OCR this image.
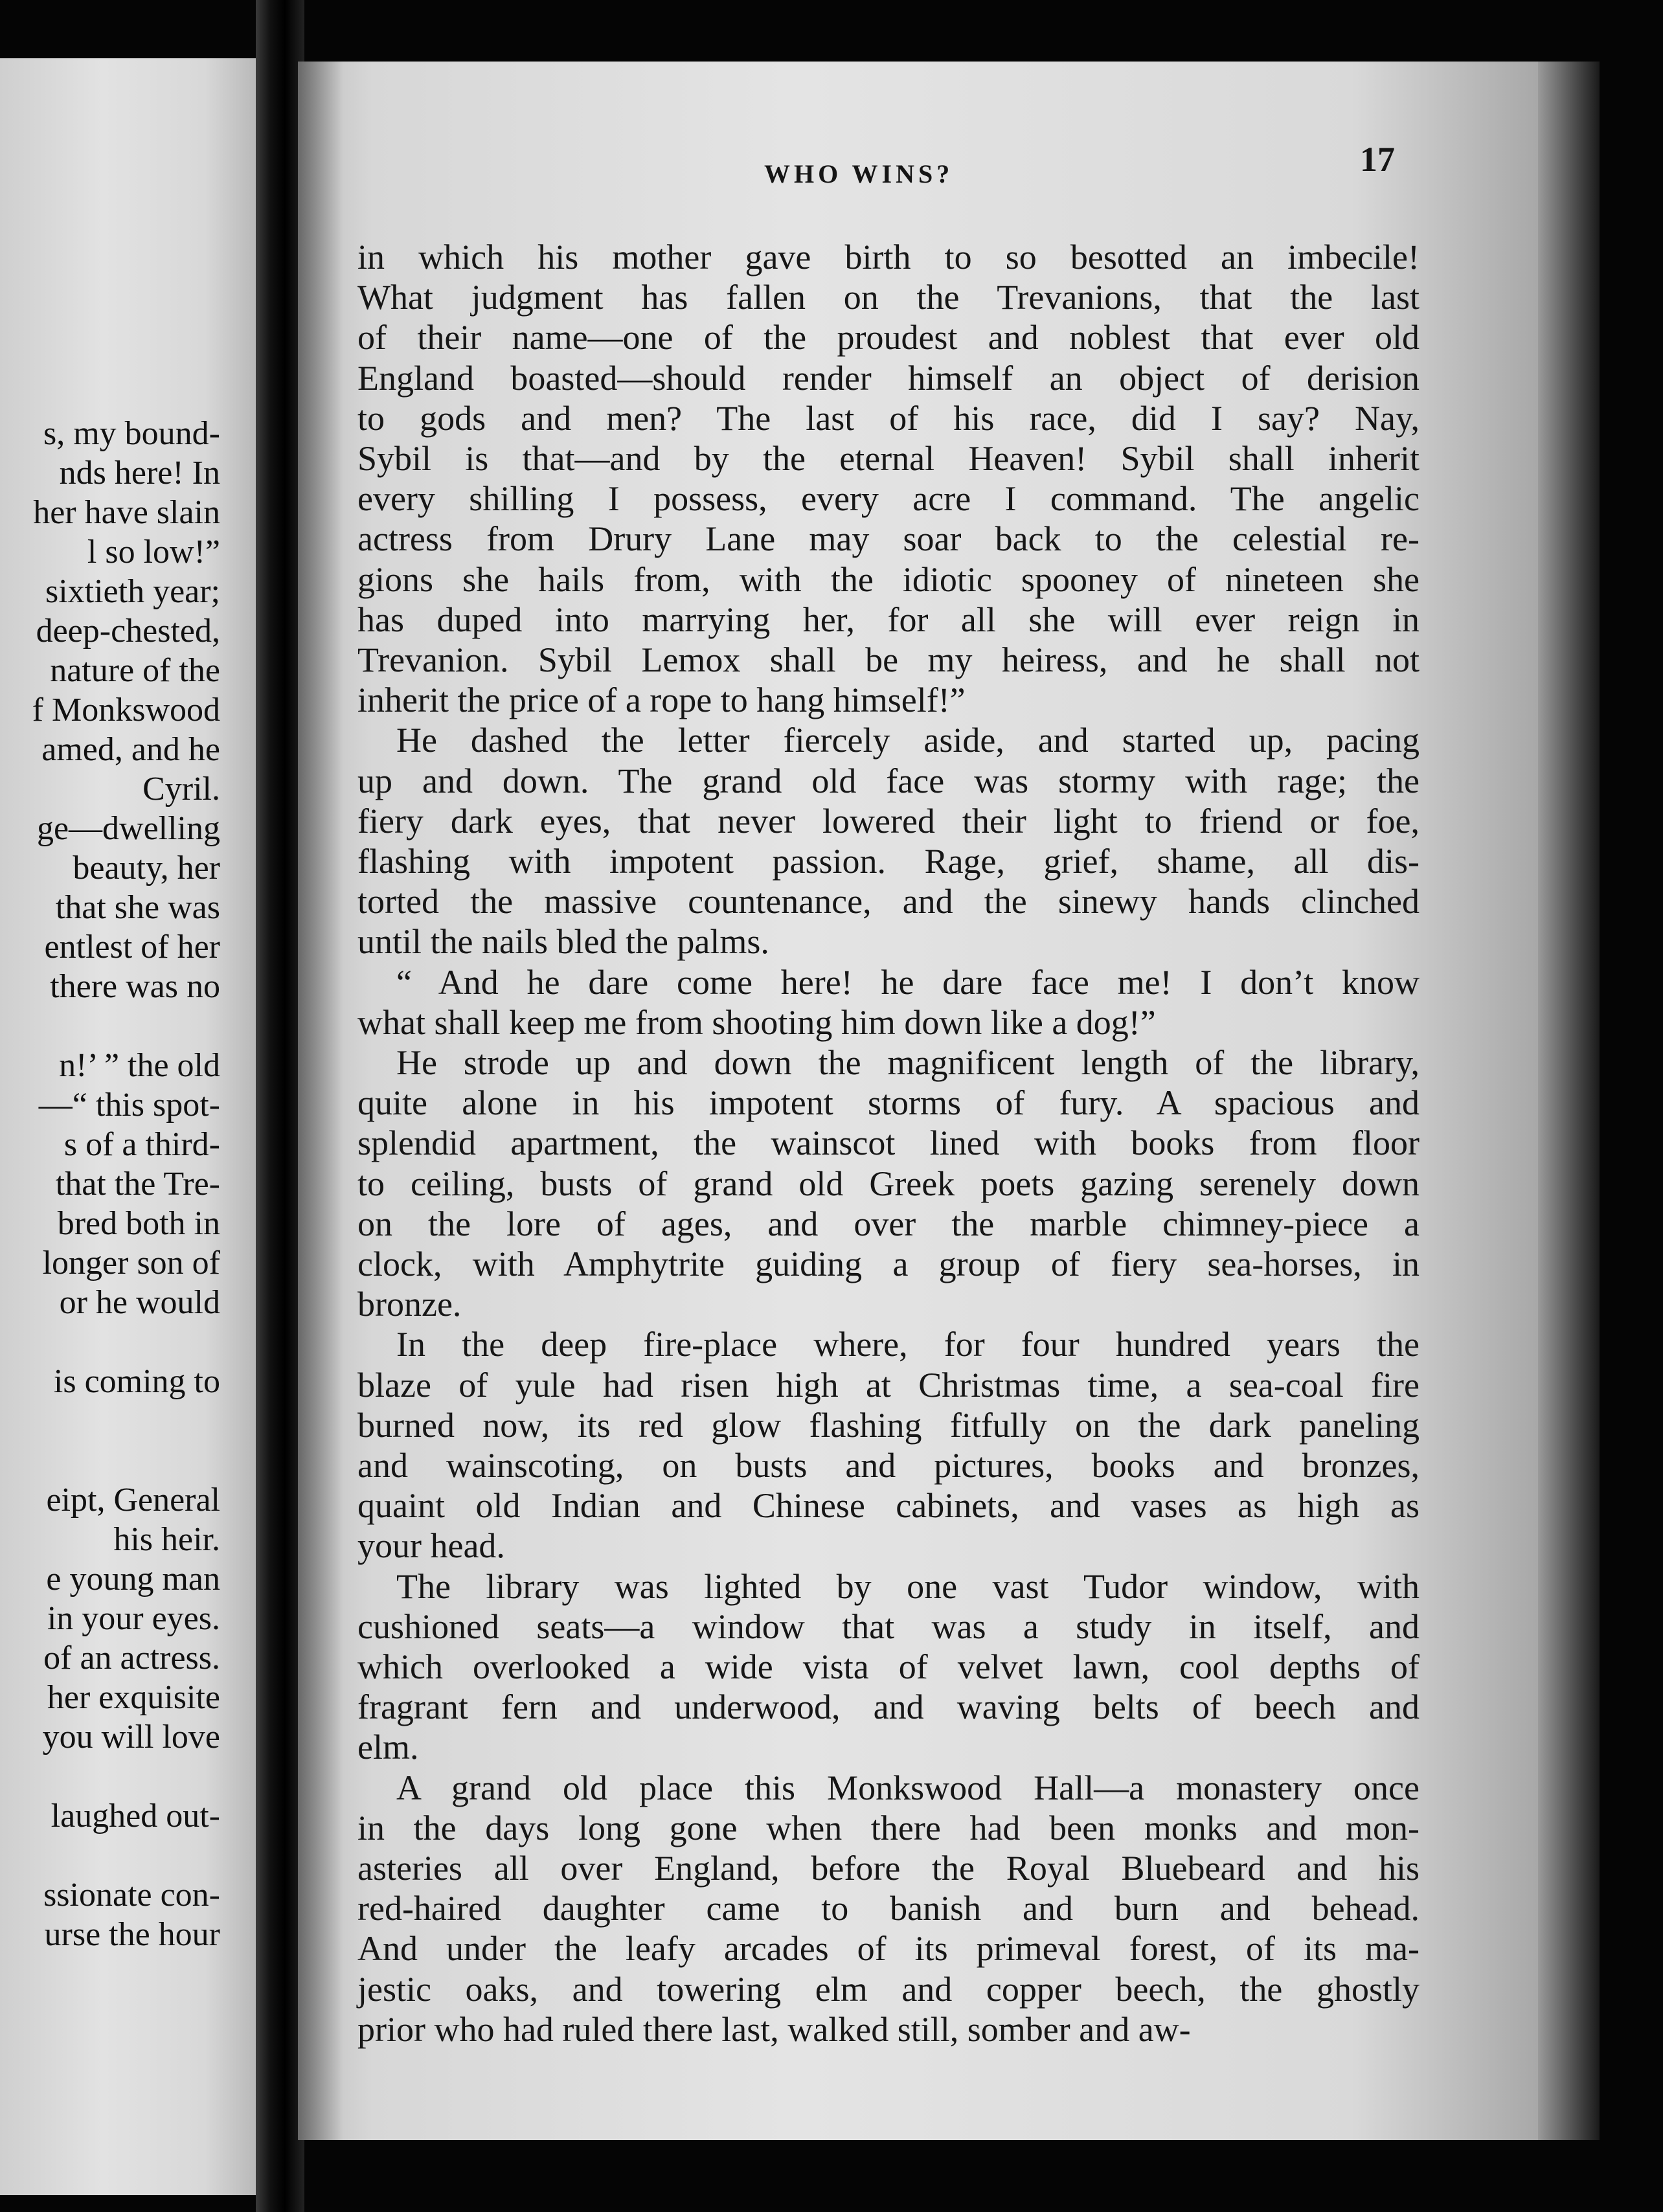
s, my bound-
nds here! In
her have slain
l so low!”
sixtieth year;
deep-chested,
nature of the
f Monkswood
amed, and he
Cyril.
ge—dwelling
beauty, her
that she was
entlest of her
there was no
n!’ ” the old
—“ this spot-
s of a third-
that the Tre-
bred both in
longer son of
or he would
is coming to
eipt, General
his heir.
e young man
in your eyes.
of an actress.
her exquisite
you will love
laughed out-
ssionate con-
urse the hour
WHO WINS?	17
in which his mother gave birth to so besotted an imbecile!
What judgment has fallen on the Trevanions, that the last
of their name—one of the proudest and noblest that ever old
England boasted—should render himself an object of derision
to gods and men? The last of his race, did I say? Nay,
Sybil is that—and by the eternal Heaven! Sybil shall inherit
every shilling I possess, every acre I command. The angelic
actress from Drury Lane may soar back to the celestial re-
gions she hails from, with the idiotic spooney of nineteen she
has duped into marrying her, for all she will ever reign in
Trevanion. Sybil Lemox shall be my heiress, and he shall not
inherit the price of a rope to hang himself!”
He dashed the letter fiercely aside, and started up, pacing
up and down. The grand old face was stormy with rage; the
fiery dark eyes, that never lowered their light to friend or foe,
flashing with impotent passion. Rage, grief, shame, all dis-
torted the massive countenance, and the sinewy hands clinched
until the nails bled the palms.
“ And he dare come here! he dare face me! I don’t know
what shall keep me from shooting him down like a dog!”
He strode up and down the magnificent length of the library,
quite alone in his impotent storms of fury. A spacious and
splendid apartment, the wainscot lined with books from floor
to ceiling, busts of grand old Greek poets gazing serenely down
on the lore of ages, and over the marble chimney-piece a
clock, with Amphytrite guiding a group of fiery sea-horses, in
bronze.
In the deep fire-place where, for four hundred years the
blaze of yule had risen high at Christmas time, a sea-coal fire
burned now, its red glow flashing fitfully on the dark paneling
and wainscoting, on busts and pictures, books and bronzes,
quaint old Indian and Chinese cabinets, and vases as high as
your head.
The library was lighted by one vast Tudor window, with
cushioned seats—a window that was a study in itself, and
which overlooked a wide vista of velvet lawn, cool depths of
fragrant fern and underwood, and waving belts of beech and
elm.
A grand old place this Monkswood Hall—a monastery once
in the days long gone when there had been monks and mon-
asteries all over England, before the Royal Bluebeard and his
red-haired daughter came to banish and burn and behead.
And under the leafy arcades of its primeval forest, of its ma-
jestic oaks, and towering elm and copper beech, the ghostly
prior who had ruled there last, walked still, somber and aw-
